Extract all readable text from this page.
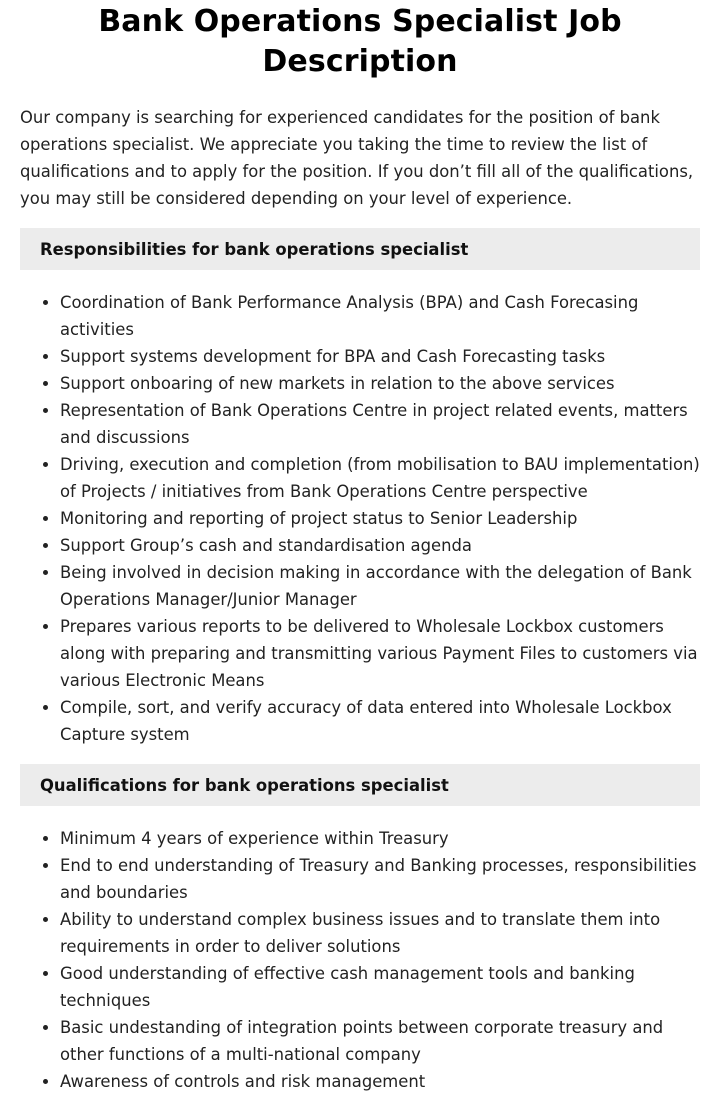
Bank Operations Specialist Job Description

Our company is searching for experienced candidates for the position of bank operations specialist. We appreciate you taking the time to review the list of qualifications and to apply for the position. If you don’t fill all of the qualifications, you may still be considered depending on your level of experience.

Responsibilities for bank operations specialist
• Coordination of Bank Performance Analysis (BPA) and Cash Forecasing activities
• Support systems development for BPA and Cash Forecasting tasks
• Support onboaring of new markets in relation to the above services
• Representation of Bank Operations Centre in project related events, matters and discussions
• Driving, execution and completion (from mobilisation to BAU implementation) of Projects / initiatives from Bank Operations Centre perspective
• Monitoring and reporting of project status to Senior Leadership
• Support Group’s cash and standardisation agenda
• Being involved in decision making in accordance with the delegation of Bank Operations Manager/Junior Manager
• Prepares various reports to be delivered to Wholesale Lockbox customers along with preparing and transmitting various Payment Files to customers via various Electronic Means
• Compile, sort, and verify accuracy of data entered into Wholesale Lockbox Capture system
Qualifications for bank operations specialist
• Minimum 4 years of experience within Treasury
• End to end understanding of Treasury and Banking processes, responsibilities and boundaries
• Ability to understand complex business issues and to translate them into requirements in order to deliver solutions
• Good understanding of effective cash management tools and banking techniques
• Basic undestanding of integration points between corporate treasury and other functions of a multi-national company
• Awareness of controls and risk management
